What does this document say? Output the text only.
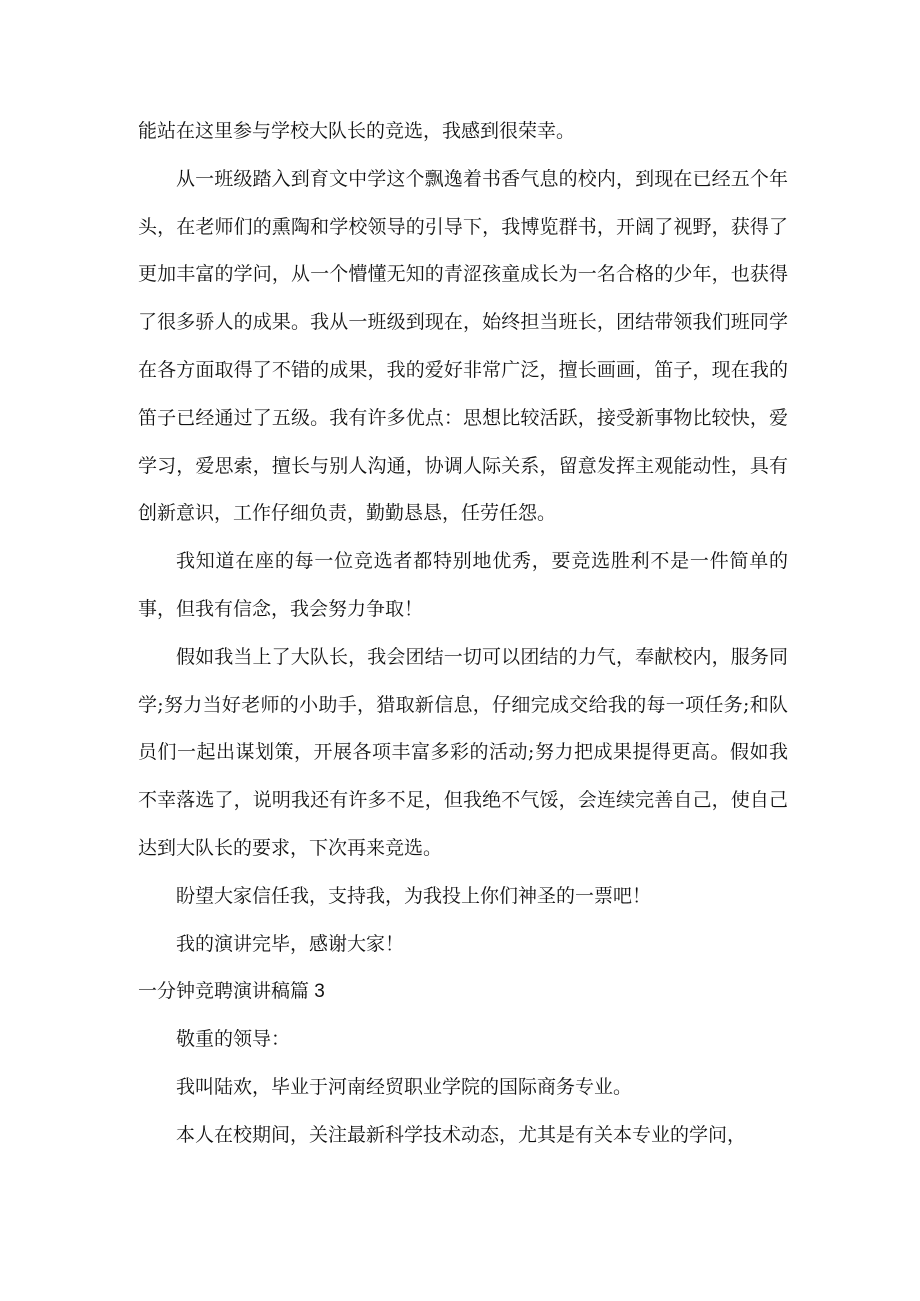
能站在这里参与学校大队长的竞选，我感到很荣幸。

从一班级踏入到育文中学这个飘逸着书香气息的校内，到现在已经五个年头，在老师们的熏陶和学校领导的引导下，我博览群书，开阔了视野，获得了更加丰富的学问，从一个懵懂无知的青涩孩童成长为一名合格的少年，也获得了很多骄人的成果。我从一班级到现在，始终担当班长，团结带领我们班同学在各方面取得了不错的成果，我的爱好非常广泛，擅长画画，笛子，现在我的笛子已经通过了五级。我有许多优点：思想比较活跃，接受新事物比较快，爱学习，爱思索，擅长与别人沟通，协调人际关系，留意发挥主观能动性，具有创新意识，工作仔细负责，勤勤恳恳，任劳任怨。

我知道在座的每一位竞选者都特别地优秀，要竞选胜利不是一件简单的事，但我有信念，我会努力争取！

假如我当上了大队长，我会团结一切可以团结的力气，奉献校内，服务同学;努力当好老师的小助手，猎取新信息，仔细完成交给我的每一项任务;和队员们一起出谋划策，开展各项丰富多彩的活动;努力把成果提得更高。假如我不幸落选了，说明我还有许多不足，但我绝不气馁，会连续完善自己，使自己达到大队长的要求，下次再来竞选。

盼望大家信任我，支持我，为我投上你们神圣的一票吧！

我的演讲完毕，感谢大家！

一分钟竞聘演讲稿篇 3

敬重的领导：

我叫陆欢，毕业于河南经贸职业学院的国际商务专业。

本人在校期间，关注最新科学技术动态，尤其是有关本专业的学问，
